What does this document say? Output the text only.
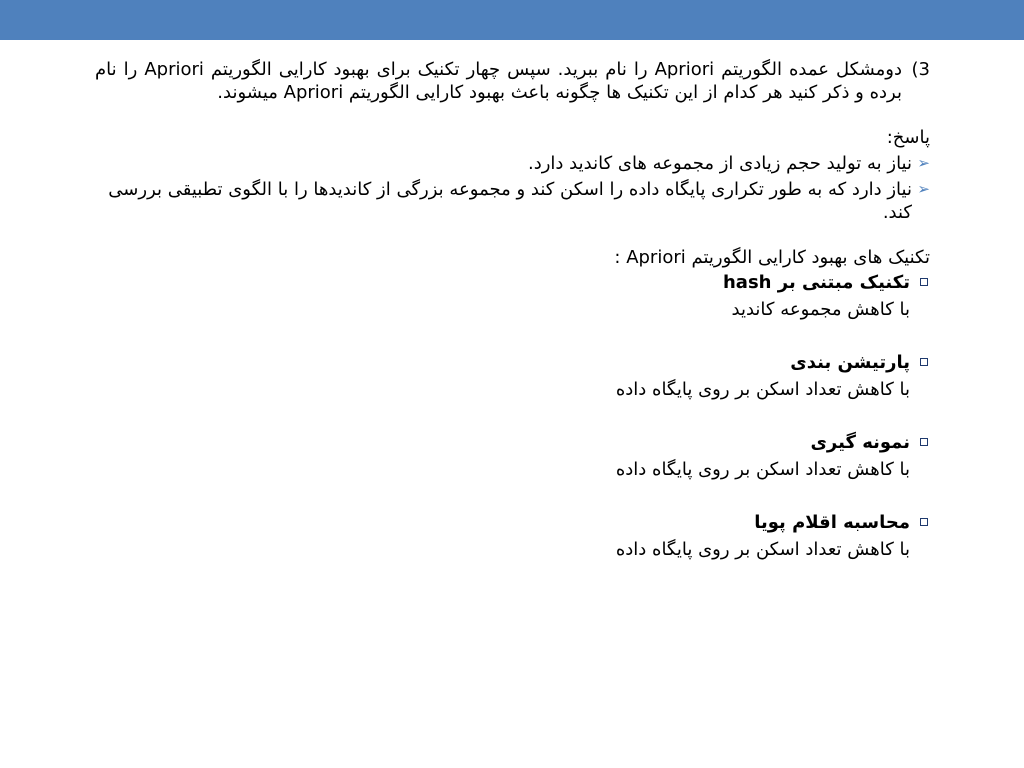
3)
دومشکل عمده الگوریتم Apriori را نام ببرید. سپس چهار تکنیک برای بهبود کارایی الگوریتم Apriori را نام برده و ذکر کنید هر کدام از این تکنیک ها چگونه باعث بهبود کارایی الگوریتم Apriori میشوند.
پاسخ:
➢
نیاز به تولید حجم زیادی از مجموعه های کاندید دارد.
➢
نیاز دارد که به طور تکراری پایگاه داده را اسکن کند و مجموعه بزرگی از کاندیدها را با الگوی تطبیقی بررسی کند.
تکنیک های بهبود کارایی الگوریتم Apriori :
تکنیک مبتنی بر hash
با کاهش مجموعه کاندید
پارتیشن بندی
با کاهش تعداد اسکن بر روی پایگاه داده
نمونه گیری
با کاهش تعداد اسکن بر روی پایگاه داده
محاسبه اقلام پویا
با کاهش تعداد اسکن بر روی پایگاه داده
